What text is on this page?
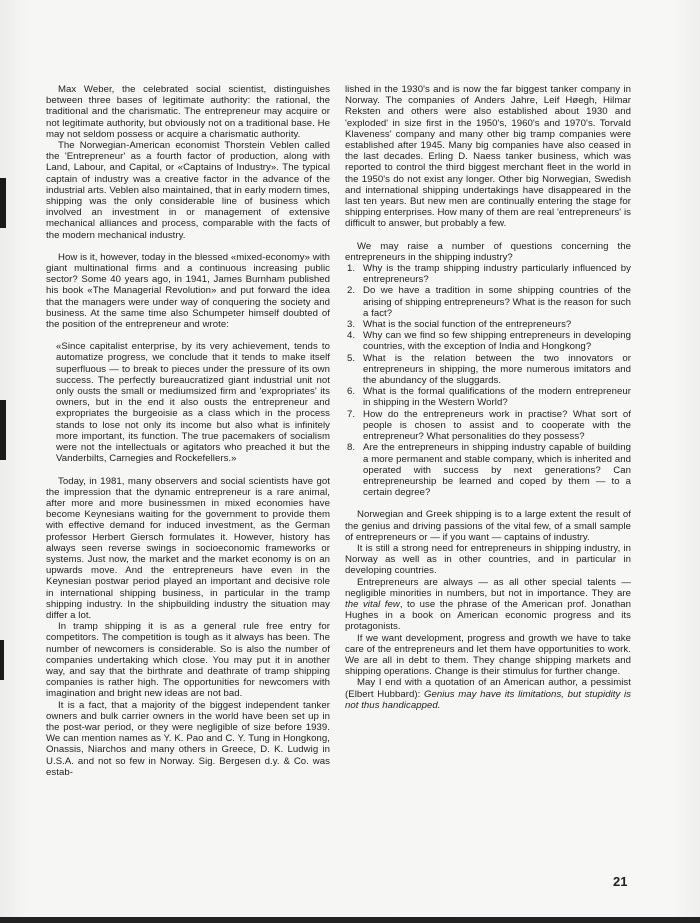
Max Weber, the celebrated social scientist, distinguishes between three bases of legitimate authority: the rational, the traditional and the charismatic. The entrepreneur may acquire or not legitimate authority, but obviously not on a traditional base. He may not seldom possess or acquire a charismatic authority.

The Norwegian-American economist Thorstein Veblen called the 'Entrepreneur' as a fourth factor of production, along with Land, Labour, and Capital, or «Captains of Industry». The typical captain of industry was a creative factor in the advance of the industrial arts. Veblen also maintained, that in early modern times, shipping was the only considerable line of business which involved an investment in or management of extensive mechanical alliances and process, comparable with the facts of the modern mechanical industry.

How is it, however, today in the blessed «mixed-economy» with giant multinational firms and a continuous increasing public sector? Some 40 years ago, in 1941, James Burnham published his book «The Managerial Revolution» and put forward the idea that the managers were under way of conquering the society and business. At the same time also Schumpeter himself doubted of the position of the entrepreneur and wrote:

«Since capitalist enterprise, by its very achievement, tends to automatize progress, we conclude that it tends to make itself superfluous — to break to pieces under the pressure of its own success. The perfectly bureaucratized giant industrial unit not only ousts the small or mediumsized firm and 'expropriates' its owners, but in the end it also ousts the entrepreneur and expropriates the burgeoisie as a class which in the process stands to lose not only its income but also what is infinitely more important, its function. The true pacemakers of socialism were not the intellectuals or agitators who preached it but the Vanderbilts, Carnegies and Rockefellers.»

Today, in 1981, many observers and social scientists have got the impression that the dynamic entrepreneur is a rare animal, after more and more businessmen in mixed economies have become Keynesians waiting for the government to provide them with effective demand for induced investment, as the German professor Herbert Giersch formulates it. However, history has always seen reverse swings in socioeconomic frameworks or systems. Just now, the market and the market economy is on an upwards move. And the entrepreneurs have even in the Keynesian postwar period played an important and decisive role in international shipping business, in particular in the tramp shipping industry. In the shipbuilding industry the situation may differ a lot.

In tramp shipping it is as a general rule free entry for competitors. The competition is tough as it always has been. The number of newcomers is considerable. So is also the number of companies undertaking which close. You may put it in another way, and say that the birthrate and deathrate of tramp shipping companies is rather high. The opportunities for newcomers with imagination and bright new ideas are not bad.

It is a fact, that a majority of the biggest independent tanker owners and bulk carrier owners in the world have been set up in the post-war period, or they were negligible of size before 1939. We can mention names as Y. K. Pao and C. Y. Tung in Hongkong, Onassis, Niarchos and many others in Greece, D. K. Ludwig in U.S.A. and not so few in Norway. Sig. Bergesen d.y. & Co. was estab-

lished in the 1930's and is now the far biggest tanker company in Norway. The companies of Anders Jahre, Leif Høegh, Hilmar Reksten and others were also established about 1930 and 'exploded' in size first in the 1950's, 1960's and 1970's. Torvald Klaveness' company and many other big tramp companies were established after 1945. Many big companies have also ceased in the last decades. Erling D. Naess tanker business, which was reported to control the third biggest merchant fleet in the world in the 1950's do not exist any longer. Other big Norwegian, Swedish and international shipping undertakings have disappeared in the last ten years. But new men are continually entering the stage for shipping enterprises. How many of them are real 'entrepreneurs' is difficult to answer, but probably a few.

We may raise a number of questions concerning the entrepreneurs in the shipping industry?

1. Why is the tramp shipping industry particularly influenced by entrepreneurs?
2. Do we have a tradition in some shipping countries of the arising of shipping entrepreneurs? What is the reason for such a fact?
3. What is the social function of the entrepreneurs?
4. Why can we find so few shipping entrepreneurs in developing countries, with the exception of India and Hongkong?
5. What is the relation between the two innovators or entrepreneurs in shipping, the more numerous imitators and the abundancy of the sluggards.
6. What is the formal qualifications of the modern entrepreneur in shipping in the Western World?
7. How do the entrepreneurs work in practise? What sort of people is chosen to assist and to cooperate with the entrepreneur? What personalities do they possess?
8. Are the entrepreneurs in shipping industry capable of building a more permanent and stable company, which is inherited and operated with success by next generations? Can entrepreneurship be learned and coped by them — to a certain degree?

Norwegian and Greek shipping is to a large extent the result of the genius and driving passions of the vital few, of a small sample of entrepreneurs or — if you want — captains of industry.

It is still a strong need for entrepreneurs in shipping industry, in Norway as well as in other countries, and in particular in developing countries.

Entrepreneurs are always — as all other special talents — negligible minorities in numbers, but not in importance. They are the vital few, to use the phrase of the American prof. Jonathan Hughes in a book on American economic progress and its protagonists.

If we want development, progress and growth we have to take care of the entrepreneurs and let them have opportunities to work. We are all in debt to them. They change shipping markets and shipping operations. Change is their stimulus for further change.

May I end with a quotation of an American author, a pessimist (Elbert Hubbard): Genius may have its limitations, but stupidity is not thus handicapped.

21
